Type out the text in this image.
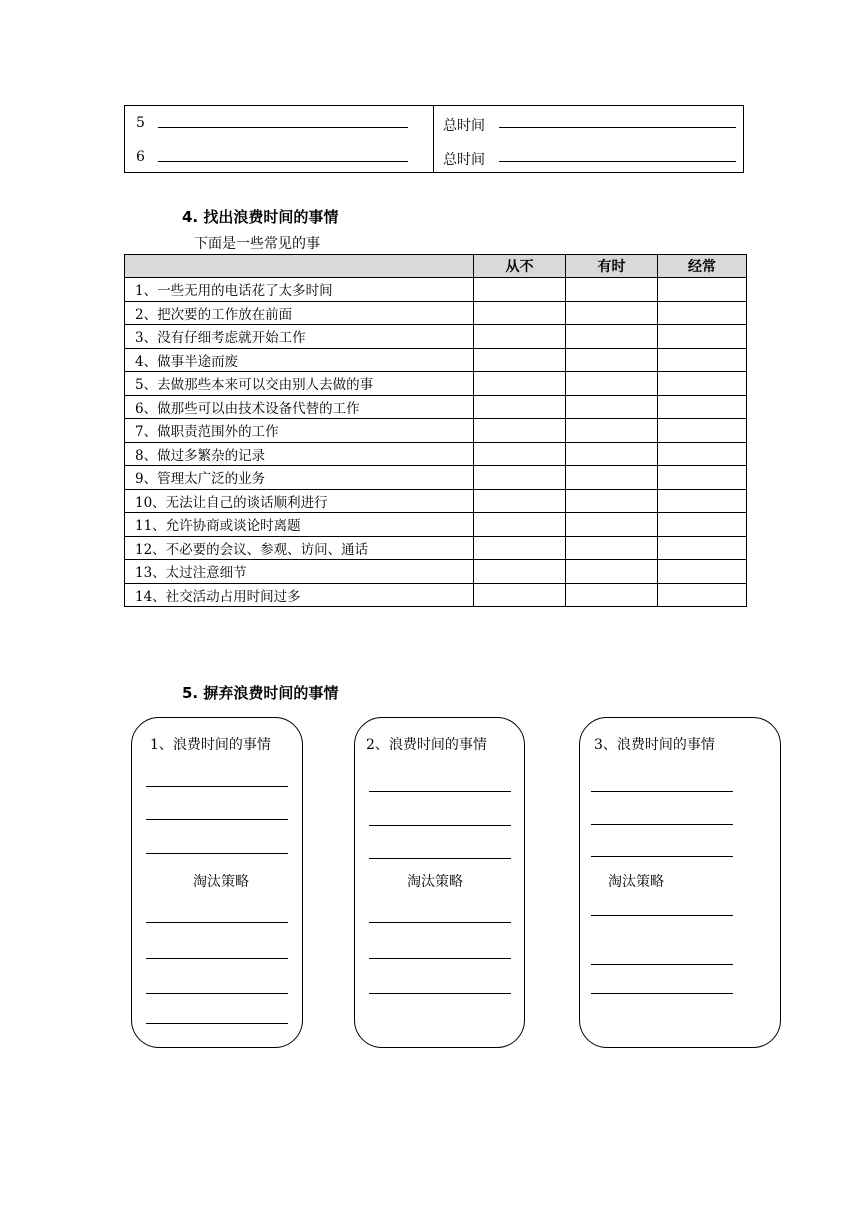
5	总时间
6	总时间
4. 找出浪费时间的事情
下面是一些常见的事
	从不	有时	经常
1、一些无用的电话花了太多时间			
2、把次要的工作放在前面			
3、没有仔细考虑就开始工作			
4、做事半途而废			
5、去做那些本来可以交由别人去做的事			
6、做那些可以由技术设备代替的工作			
7、做职责范围外的工作			
8、做过多繁杂的记录			
9、管理太广泛的业务			
10、无法让自己的谈话顺利进行			
11、允许协商或谈论时离题			
12、不必要的会议、参观、访问、通话			
13、太过注意细节			
14、社交活动占用时间过多			
5. 摒弃浪费时间的事情
1、浪费时间的事情
淘汰策略
2、浪费时间的事情
淘汰策略
3、浪费时间的事情
淘汰策略
